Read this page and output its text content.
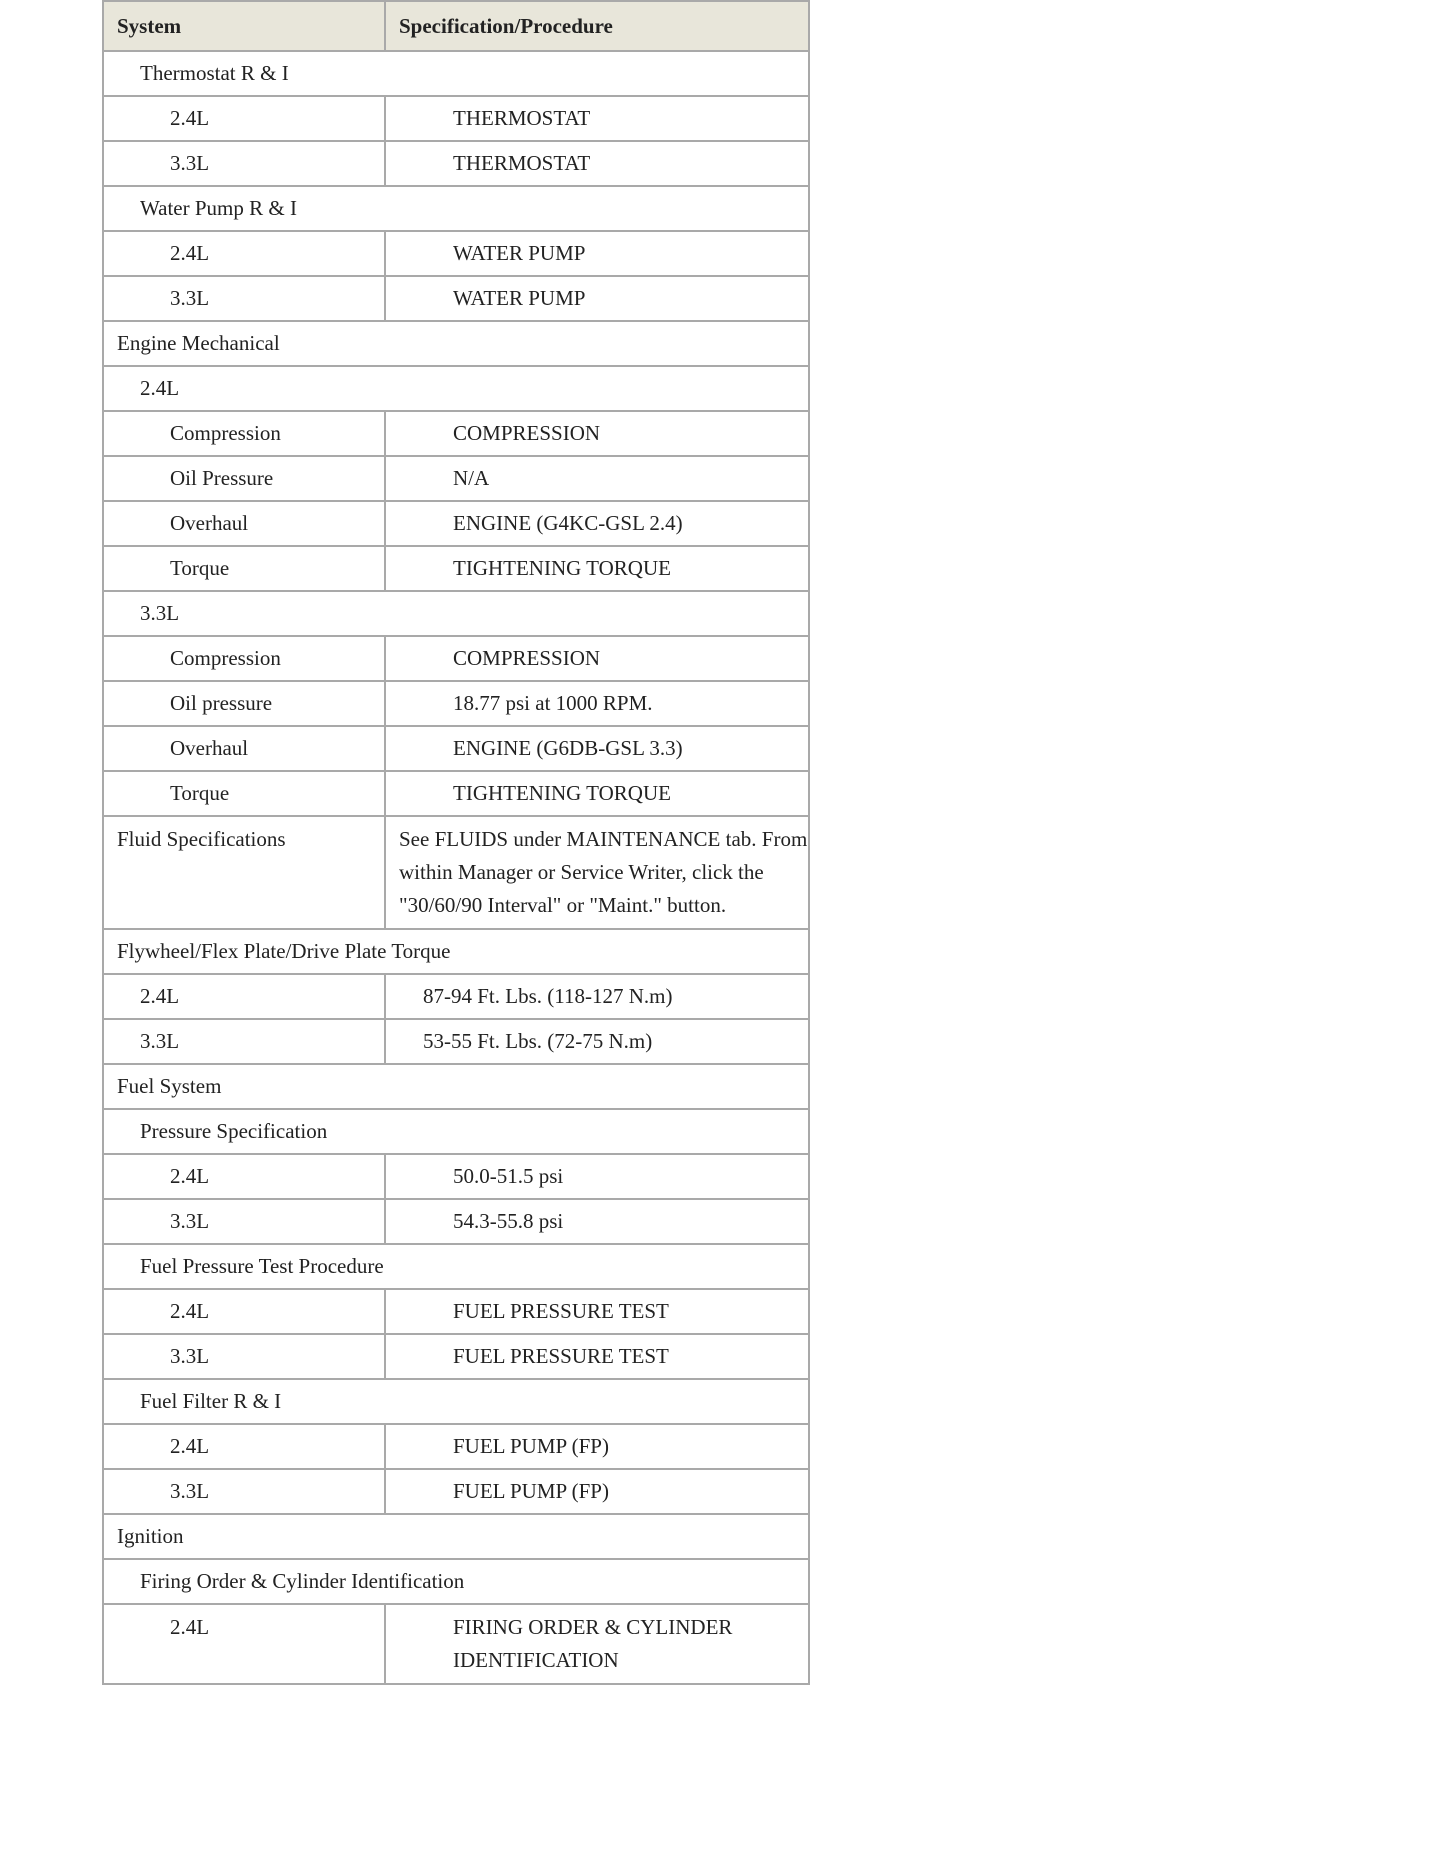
System	Specification/Procedure
Thermostat R & I	
2.4L	THERMOSTAT
3.3L	THERMOSTAT
Water Pump R & I	
2.4L	WATER PUMP
3.3L	WATER PUMP
Engine Mechanical	
2.4L	
Compression	COMPRESSION
Oil Pressure	N/A
Overhaul	ENGINE (G4KC-GSL 2.4)
Torque	TIGHTENING TORQUE
3.3L	
Compression	COMPRESSION
Oil pressure	18.77 psi at 1000 RPM.
Overhaul	ENGINE (G6DB-GSL 3.3)
Torque	TIGHTENING TORQUE
Fluid Specifications	See FLUIDS under MAINTENANCE tab. From within Manager or Service Writer, click the "30/60/90 Interval" or "Maint." button.
Flywheel/Flex Plate/Drive Plate Torque	
2.4L	87-94 Ft. Lbs. (118-127 N.m)
3.3L	53-55 Ft. Lbs. (72-75 N.m)
Fuel System	
Pressure Specification	
2.4L	50.0-51.5 psi
3.3L	54.3-55.8 psi
Fuel Pressure Test Procedure	
2.4L	FUEL PRESSURE TEST
3.3L	FUEL PRESSURE TEST
Fuel Filter R & I	
2.4L	FUEL PUMP (FP)
3.3L	FUEL PUMP (FP)
Ignition	
Firing Order & Cylinder Identification	
2.4L	FIRING ORDER & CYLINDER IDENTIFICATION
